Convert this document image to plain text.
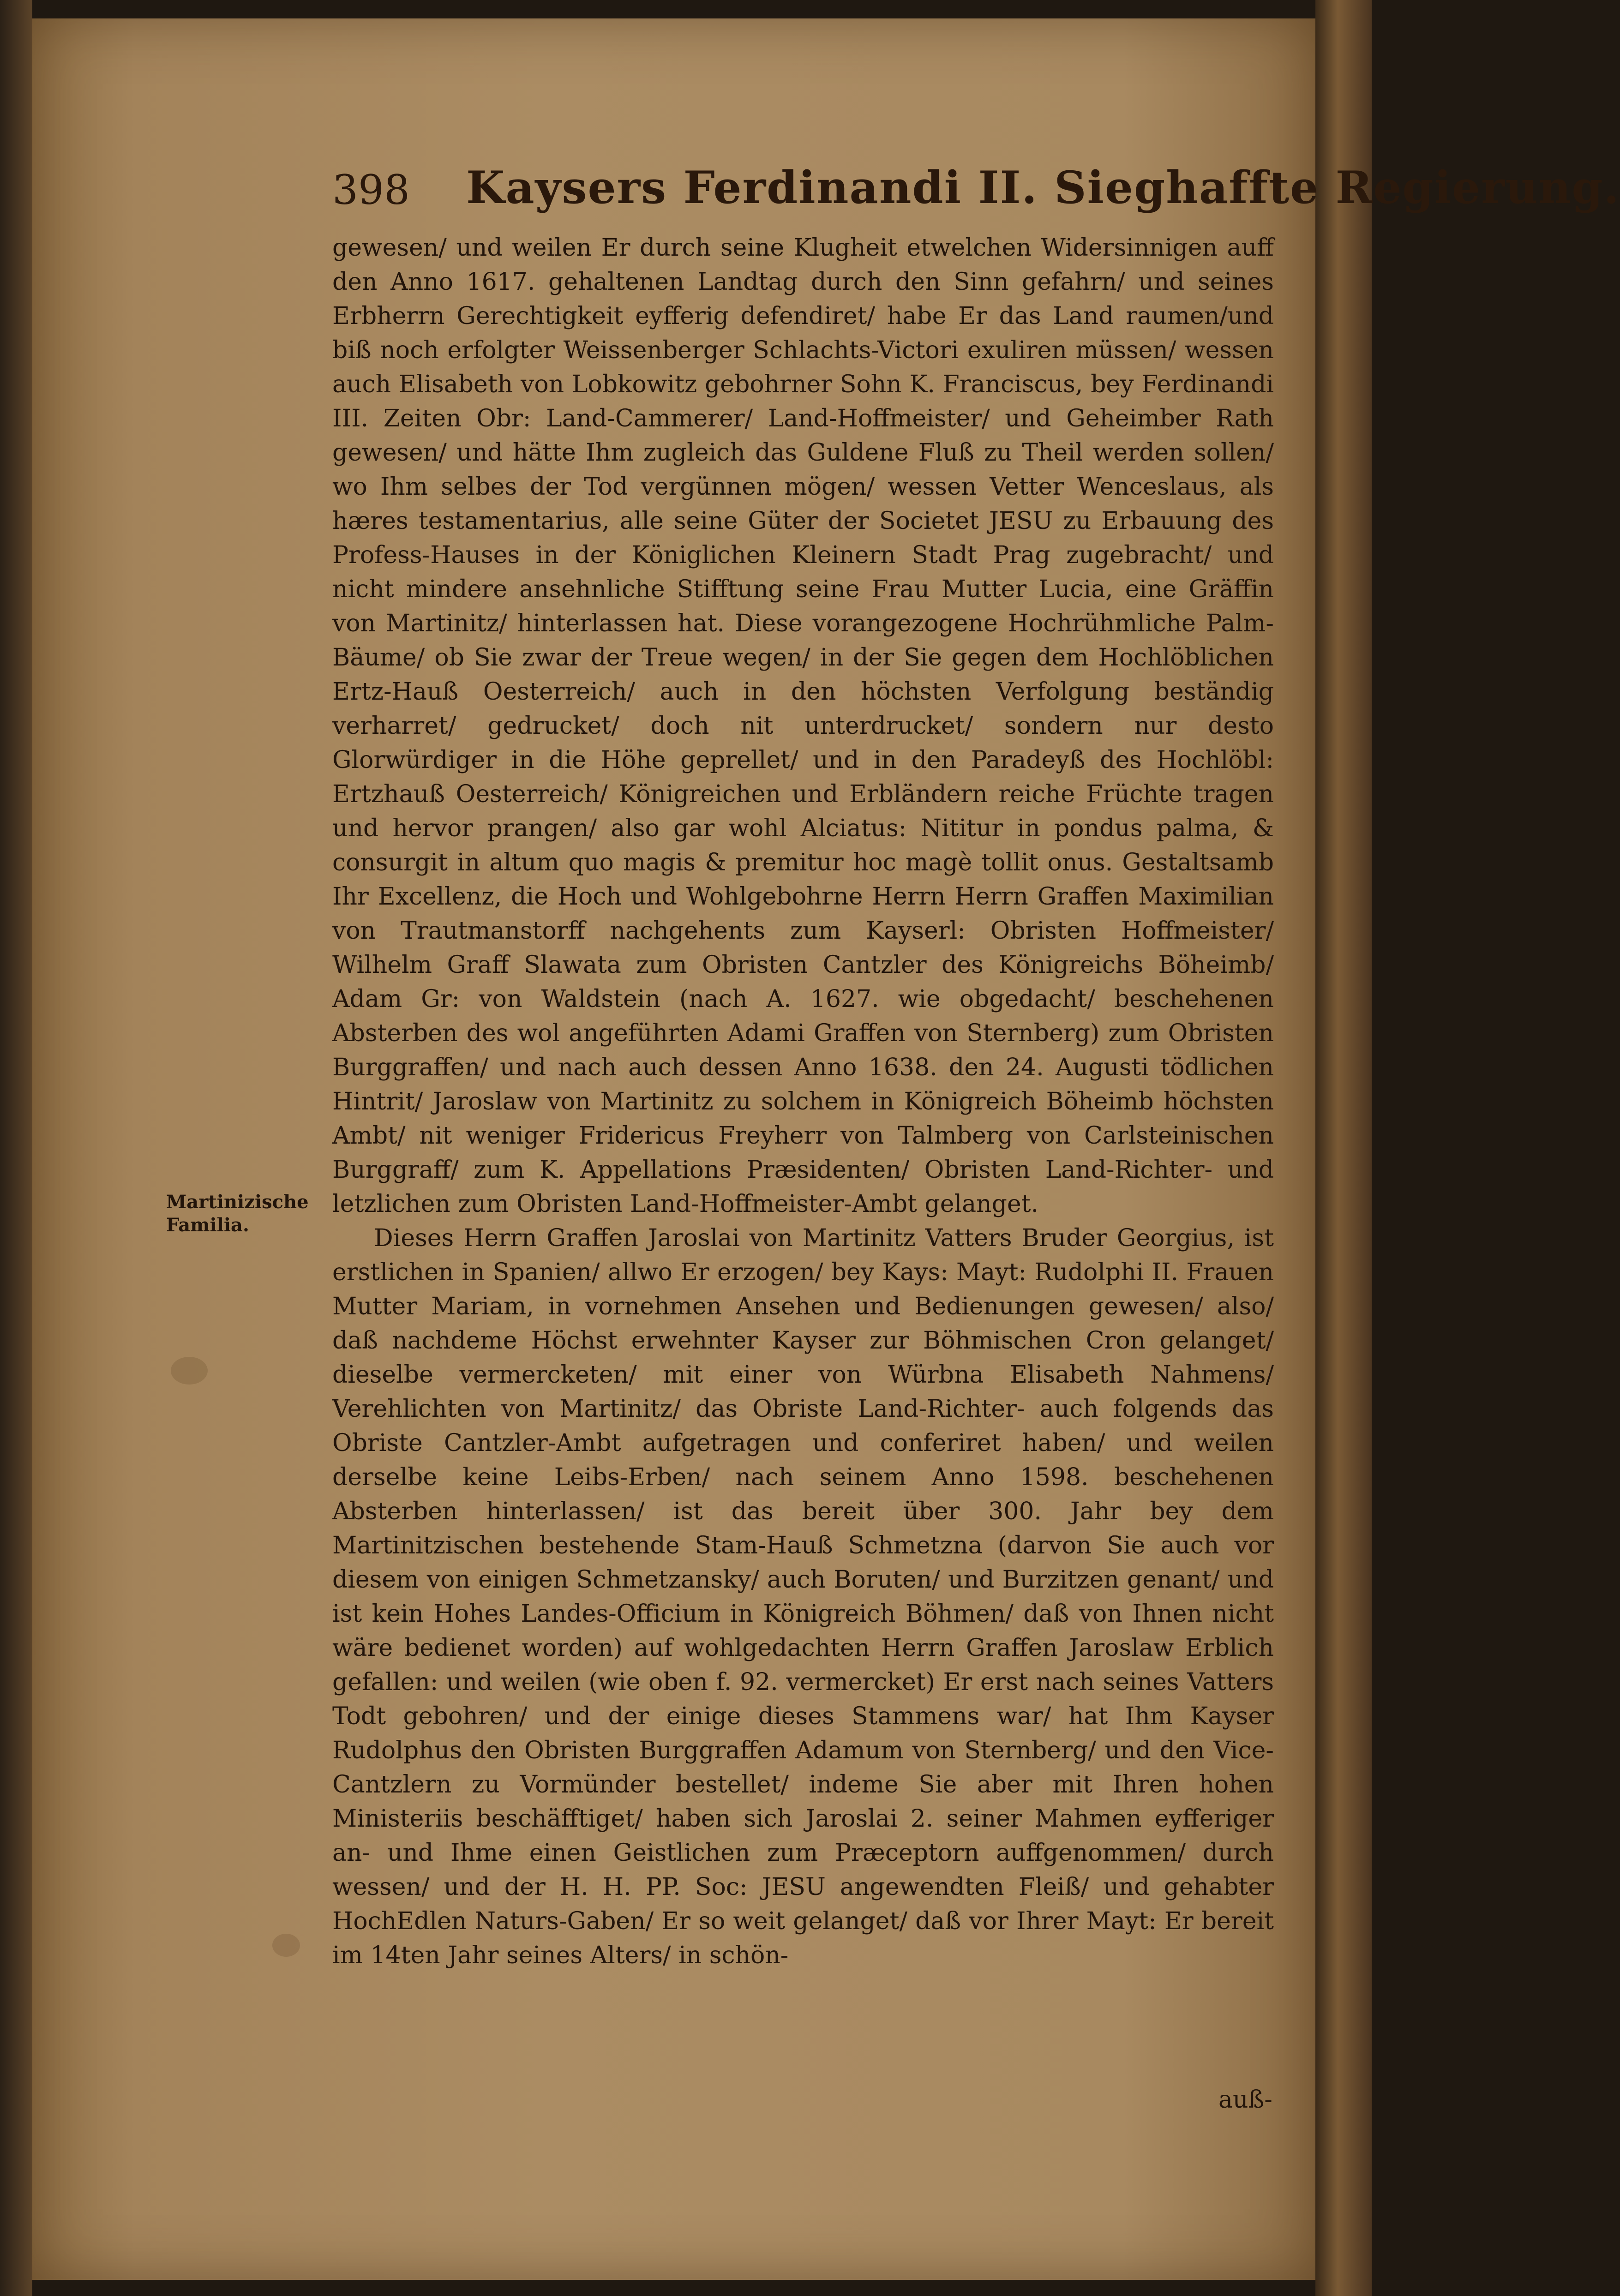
398 Kaysers Ferdinandi II. Sieghaffte Regierung.
Martinizische Familia.

gewesen/ und weilen Er durch seine Klugheit etwelchen Widersinnigen auff den Anno 1617. gehaltenen Landtag durch den Sinn gefahrn/ und seines Erbherrn Gerechtigkeit eyfferig defendiret/ habe Er das Land raumen/und biß noch erfolgter Weissenberger Schlachts-Victori exuliren müssen/ wessen auch Elisabeth von Lobkowitz gebohrner Sohn K. Franciscus, bey Ferdinandi III. Zeiten Obr: Land-Cammerer/ Land-Hoffmeister/ und Geheimber Rath gewesen/ und hätte Ihm zugleich das Guldene Fluß zu Theil werden sollen/ wo Ihm selbes der Tod vergünnen mögen/ wessen Vetter Wenceslaus, als hæres testamentarius, alle seine Güter der Societet JESU zu Erbauung des Profess-Hauses in der Königlichen Kleinern Stadt Prag zugebracht/ und nicht mindere ansehnliche Stifftung seine Frau Mutter Lucia, eine Gräffin von Martinitz/ hinterlassen hat. Diese vorangezogene Hochrühmliche Palm-Bäume/ ob Sie zwar der Treue wegen/ in der Sie gegen dem Hochlöblichen Ertz-Hauß Oesterreich/ auch in den höchsten Verfolgung beständig verharret/ gedrucket/ doch nit unterdrucket/ sondern nur desto Glorwürdiger in die Höhe geprellet/ und in den Paradeyß des Hochlöbl: Ertzhauß Oesterreich/ Königreichen und Erbländern reiche Früchte tragen und hervor prangen/ also gar wohl Alciatus: Nititur in pondus palma, & consurgit in altum quo magis & premitur hoc magè tollit onus. Gestaltsamb Ihr Excellenz, die Hoch und Wohlgebohrne Herrn Herrn Graffen Maximilian von Trautmanstorff nachgehents zum Kayserl: Obristen Hoffmeister/ Wilhelm Graff Slawata zum Obristen Cantzler des Königreichs Böheimb/ Adam Gr: von Waldstein (nach A. 1627. wie obgedacht/ beschehenen Absterben des wol angeführten Adami Graffen von Sternberg) zum Obristen Burggraffen/ und nach auch dessen Anno 1638. den 24. Augusti tödlichen Hintrit/ Jaroslaw von Martinitz zu solchem in Königreich Böheimb höchsten Ambt/ nit weniger Fridericus Freyherr von Talmberg von Carlsteinischen Burggraff/ zum K. Appellations Præsidenten/ Obristen Land-Richter- und letzlichen zum Obristen Land-Hoffmeister-Ambt gelanget.

Dieses Herrn Graffen Jaroslai von Martinitz Vatters Bruder Georgius, ist erstlichen in Spanien/ allwo Er erzogen/ bey Kays: Mayt: Rudolphi II. Frauen Mutter Mariam, in vornehmen Ansehen und Bedienungen gewesen/ also/ daß nachdeme Höchst erwehnter Kayser zur Böhmischen Cron gelanget/ dieselbe vermercketen/ mit einer von Würbna Elisabeth Nahmens/ Verehlichten von Martinitz/ das Obriste Land-Richter- auch folgends das Obriste Cantzler-Ambt aufgetragen und conferiret haben/ und weilen derselbe keine Leibs-Erben/ nach seinem Anno 1598. beschehenen Absterben hinterlassen/ ist das bereit über 300. Jahr bey dem Martinitzischen bestehende Stam-Hauß Schmetzna (darvon Sie auch vor diesem von einigen Schmetzansky/ auch Boruten/ und Burzitzen genant/ und ist kein Hohes Landes-Officium in Königreich Böhmen/ daß von Ihnen nicht wäre bedienet worden) auf wohlgedachten Herrn Graffen Jaroslaw Erblich gefallen: und weilen (wie oben f. 92. vermercket) Er erst nach seines Vatters Todt gebohren/ und der einige dieses Stammens war/ hat Ihm Kayser Rudolphus den Obristen Burggraffen Adamum von Sternberg/ und den Vice-Cantzlern zu Vormünder bestellet/ indeme Sie aber mit Ihren hohen Ministeriis beschäfftiget/ haben sich Jaroslai 2. seiner Mahmen eyfferiger an- und Ihme einen Geistlichen zum Præceptorn auffgenommen/ durch wessen/ und der H. H. PP. Soc: JESU angewendten Fleiß/ und gehabter HochEdlen Naturs-Gaben/ Er so weit gelanget/ daß vor Ihrer Mayt: Er bereit im 14ten Jahr seines Alters/ in schön-

auß-
